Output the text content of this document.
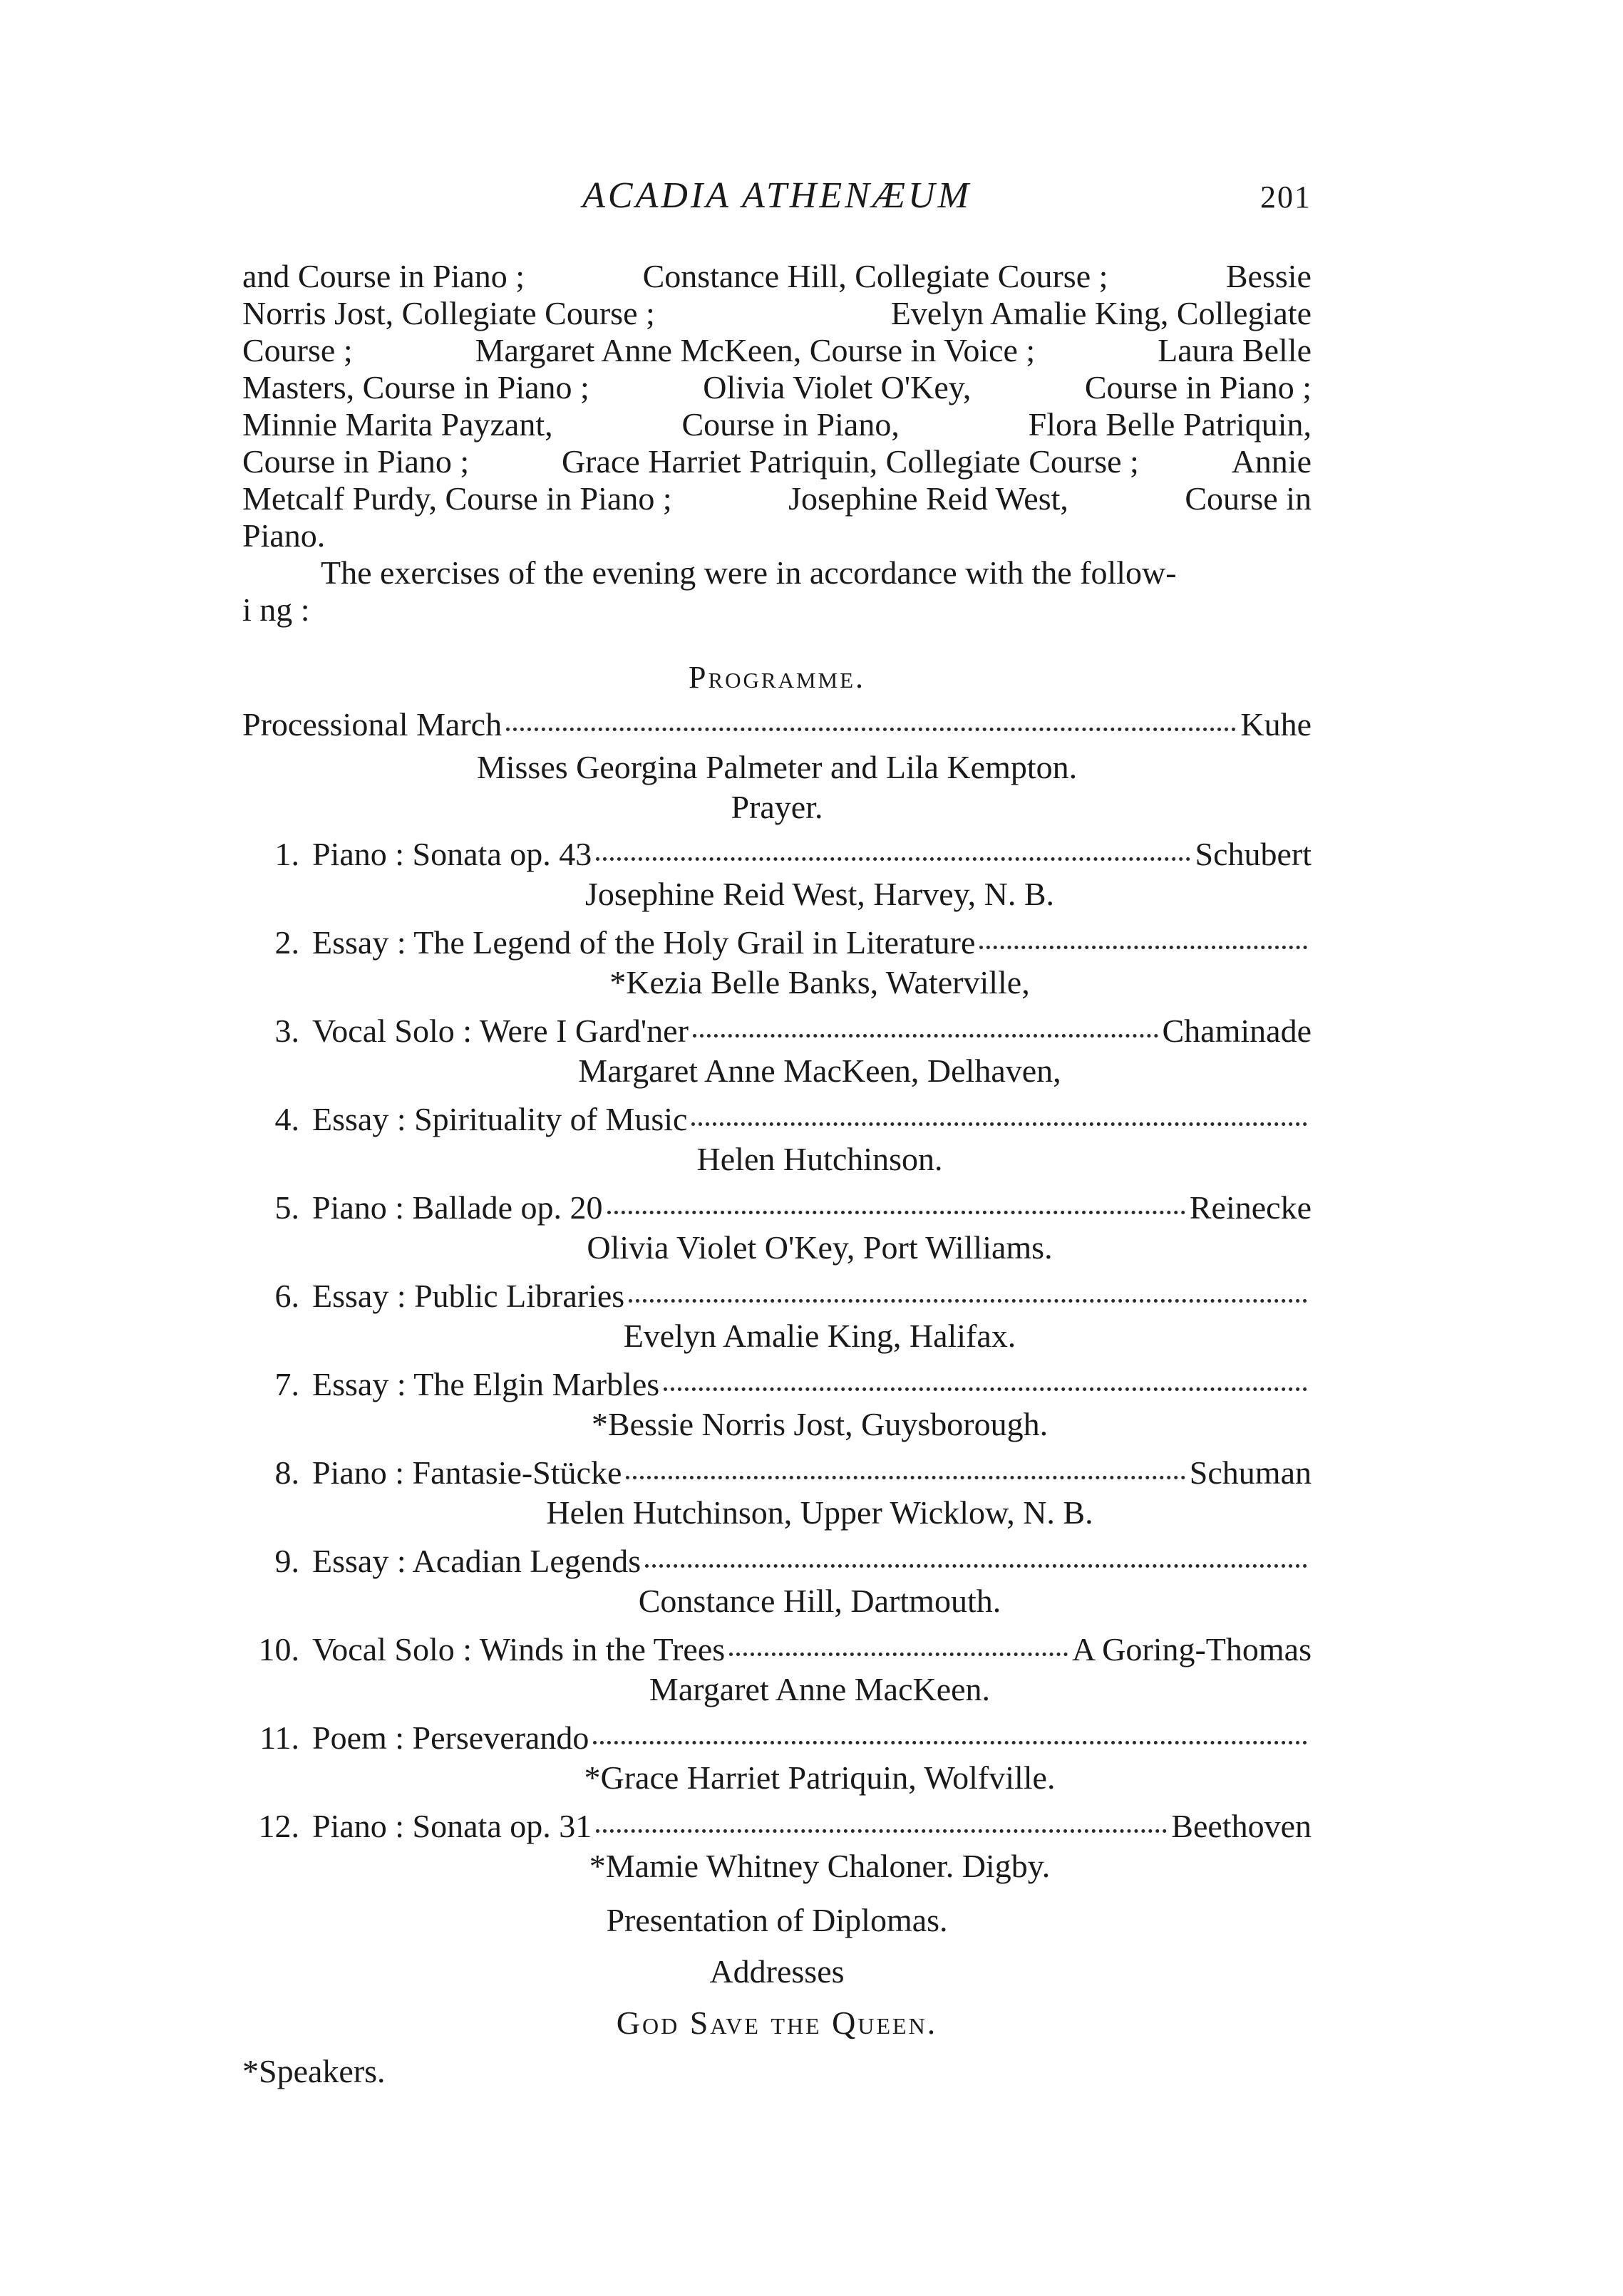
ACADIA ATHENÆUM	201
and Course in Piano ;	Constance Hill, Collegiate Course ;	Bessie
Norris Jost, Collegiate Course ;	Evelyn Amalie King, Collegiate
Course ;	Margaret Anne McKeen, Course in Voice ;	Laura Belle
Masters, Course in Piano ;	Olivia Violet O'Key,	Course in Piano ;
Minnie Marita Payzant,	Course in Piano,	Flora Belle Patriquin,
Course in Piano ;	Grace Harriet Patriquin, Collegiate Course ;	Annie
Metcalf Purdy, Course in Piano ;	Josephine Reid West,	Course in
Piano.
The exercises of the evening were in accordance with the follow-
i ng :
Programme.
Processional March	Kuhe
Misses Georgina Palmeter and Lila Kempton.
Prayer.
1. Piano : Sonata op. 43	Schubert
Josephine Reid West, Harvey, N. B.
2. Essay : The Legend of the Holy Grail in Literature
*Kezia Belle Banks, Waterville,
3. Vocal Solo : Were I Gard'ner	Chaminade
Margaret Anne MacKeen, Delhaven,
4. Essay : Spirituality of Music
Helen Hutchinson.
5. Piano : Ballade op. 20	Reinecke
Olivia Violet O'Key, Port Williams.
6. Essay : Public Libraries
Evelyn Amalie King, Halifax.
7. Essay : The Elgin Marbles
*Bessie Norris Jost, Guysborough.
8. Piano : Fantasie-Stücke	Schuman
Helen Hutchinson, Upper Wicklow, N. B.
9. Essay : Acadian Legends
Constance Hill, Dartmouth.
10. Vocal Solo : Winds in the Trees	A Goring-Thomas
Margaret Anne MacKeen.
11. Poem : Perseverando
*Grace Harriet Patriquin, Wolfville.
12. Piano : Sonata op. 31	Beethoven
*Mamie Whitney Chaloner. Digby.
Presentation of Diplomas.
Addresses
God Save the Queen.
*Speakers.
